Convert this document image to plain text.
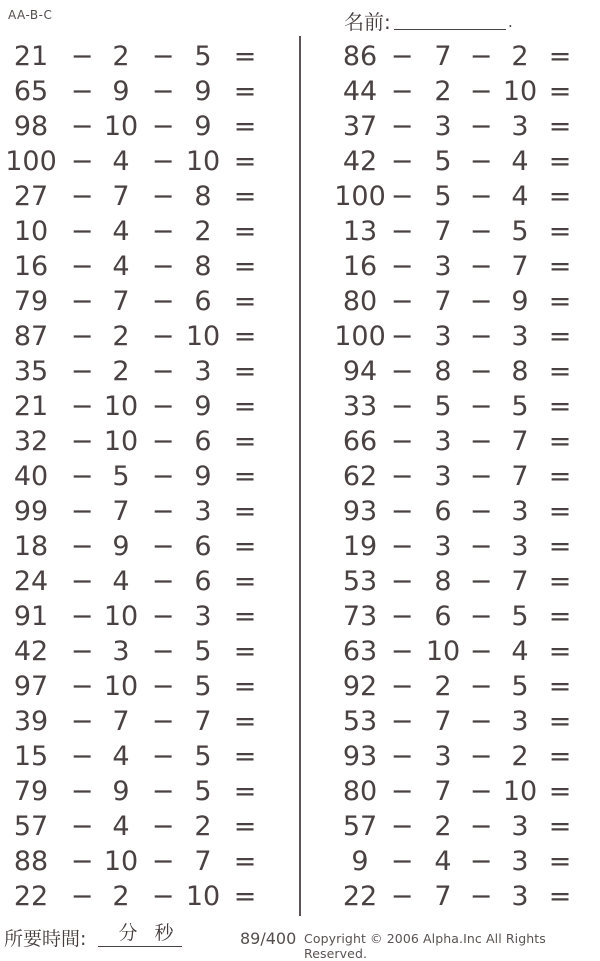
AA-B-C	名前:	.
21 − 2 − 5 =
65 − 9 − 9 =
98 − 10 − 9 =
100 − 4 − 10 =
27 − 7 − 8 =
10 − 4 − 2 =
16 − 4 − 8 =
79 − 7 − 6 =
87 − 2 − 10 =
35 − 2 − 3 =
21 − 10 − 9 =
32 − 10 − 6 =
40 − 5 − 9 =
99 − 7 − 3 =
18 − 9 − 6 =
24 − 4 − 6 =
91 − 10 − 3 =
42 − 3 − 5 =
97 − 10 − 5 =
39 − 7 − 7 =
15 − 4 − 5 =
79 − 9 − 5 =
57 − 4 − 2 =
88 − 10 − 7 =
22 − 2 − 10 =
86 − 7 − 2 =
44 − 2 − 10 =
37 − 3 − 3 =
42 − 5 − 4 =
100 − 5 − 4 =
13 − 7 − 5 =
16 − 3 − 7 =
80 − 7 − 9 =
100 − 3 − 3 =
94 − 8 − 8 =
33 − 5 − 5 =
66 − 3 − 7 =
62 − 3 − 7 =
93 − 6 − 3 =
19 − 3 − 3 =
53 − 8 − 7 =
73 − 6 − 5 =
63 − 10 − 4 =
92 − 2 − 5 =
53 − 7 − 3 =
93 − 3 − 2 =
80 − 7 − 10 =
57 − 2 − 3 =
9 − 4 − 3 =
22 − 7 − 3 =
所要時間: 分 秒	89/400 Copyright © 2006 Alpha.Inc All Rights Reserved.
